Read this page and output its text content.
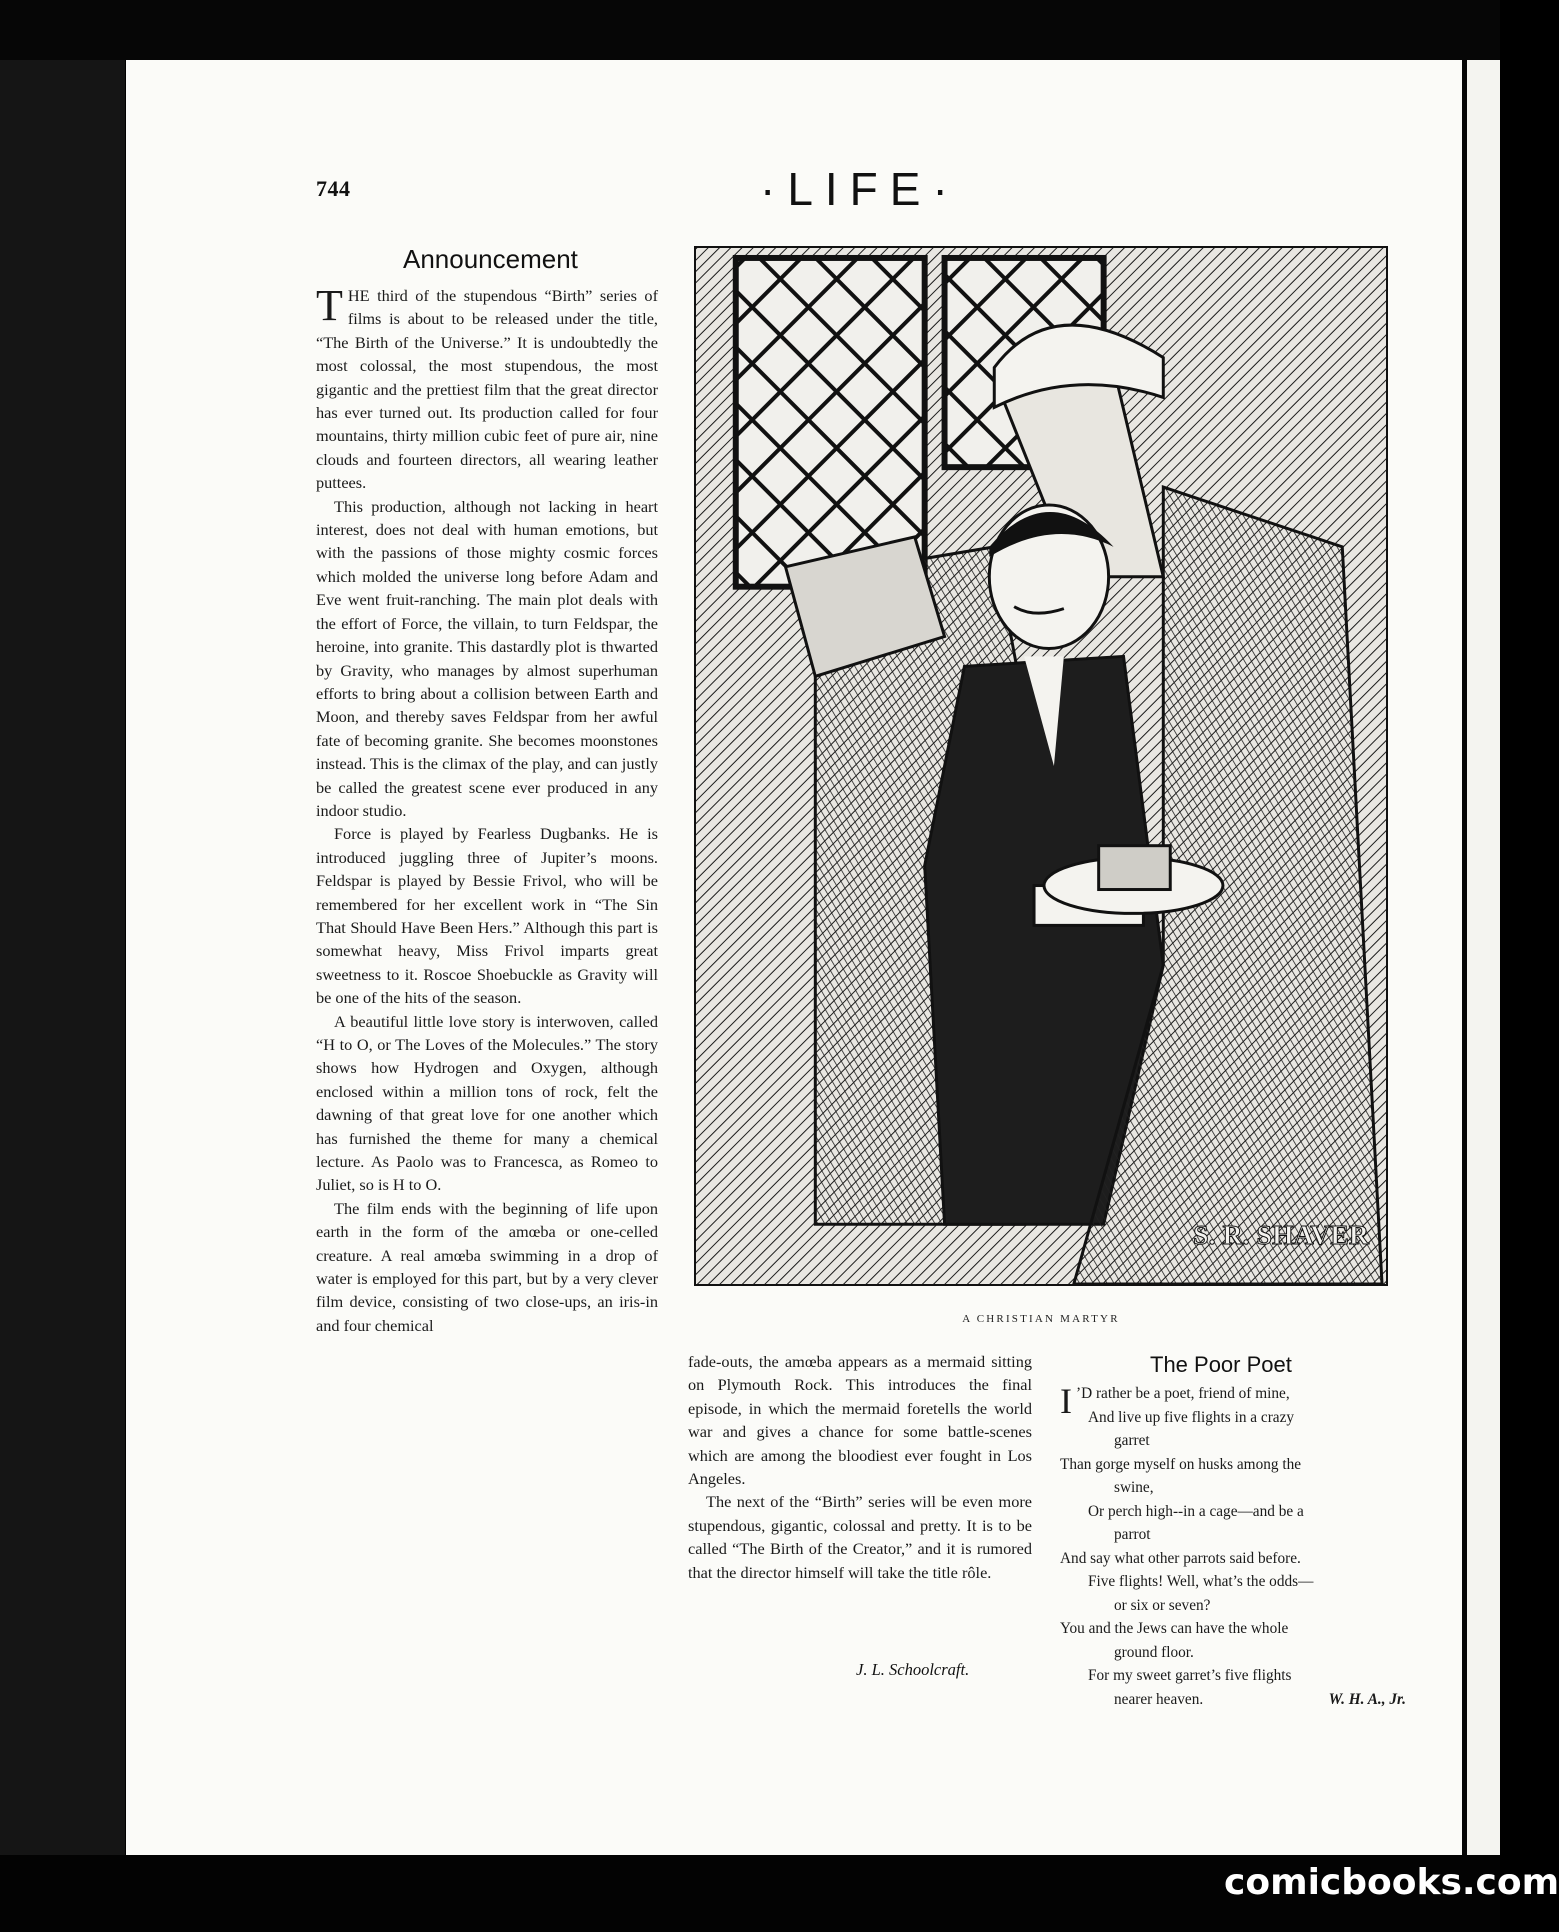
744	·LIFE·
Announcement

THE third of the stupendous “Birth” series of films is about to be released under the title, “The Birth of the Universe.” It is undoubtedly the most colossal, the most stupendous, the most gigantic and the prettiest film that the great director has ever turned out. Its production called for four mountains, thirty million cubic feet of pure air, nine clouds and fourteen directors, all wearing leather puttees.

This production, although not lacking in heart interest, does not deal with human emotions, but with the passions of those mighty cosmic forces which molded the universe long before Adam and Eve went fruit-ranching. The main plot deals with the effort of Force, the villain, to turn Feldspar, the heroine, into granite. This dastardly plot is thwarted by Gravity, who manages by almost superhuman efforts to bring about a collision between Earth and Moon, and thereby saves Feldspar from her awful fate of becoming granite. She becomes moonstones instead. This is the climax of the play, and can justly be called the greatest scene ever produced in any indoor studio.

Force is played by Fearless Dugbanks. He is introduced juggling three of Jupiter’s moons. Feldspar is played by Bessie Frivol, who will be remembered for her excellent work in “The Sin That Should Have Been Hers.” Although this part is somewhat heavy, Miss Frivol imparts great sweetness to it. Roscoe Shoebuckle as Gravity will be one of the hits of the season.

A beautiful little love story is interwoven, called “H to O, or The Loves of the Molecules.” The story shows how Hydrogen and Oxygen, although enclosed within a million tons of rock, felt the dawning of that great love for one another which has furnished the theme for many a chemical lecture. As Paolo was to Francesca, as Romeo to Juliet, so is H to O.

The film ends with the beginning of life upon earth in the form of the amœba or one-celled creature. A real amœba swimming in a drop of water is employed for this part, but by a very clever film device, consisting of two close-ups, an iris-in and four chemical

S. R. SHAVER
A CHRISTIAN MARTYR

fade-outs, the amœba appears as a mermaid sitting on Plymouth Rock. This introduces the final episode, in which the mermaid foretells the world war and gives a chance for some battle-scenes which are among the bloodiest ever fought in Los Angeles.

The next of the “Birth” series will be even more stupendous, gigantic, colossal and pretty. It is to be called “The Birth of the Creator,” and it is rumored that the director himself will take the title rôle.

J. L. Schoolcraft.
The Poor Poet
I ’D rather be a poet, friend of mine,
And live up five flights in a crazy
garret
Than gorge myself on husks among the
swine,
Or perch high--in a cage—and be a
parrot
And say what other parrots said before.
Five flights! Well, what’s the odds—
or six or seven?
You and the Jews can have the whole
ground floor.
For my sweet garret’s five flights
nearer heaven.	W. H. A., Jr.
comicbooks.com
